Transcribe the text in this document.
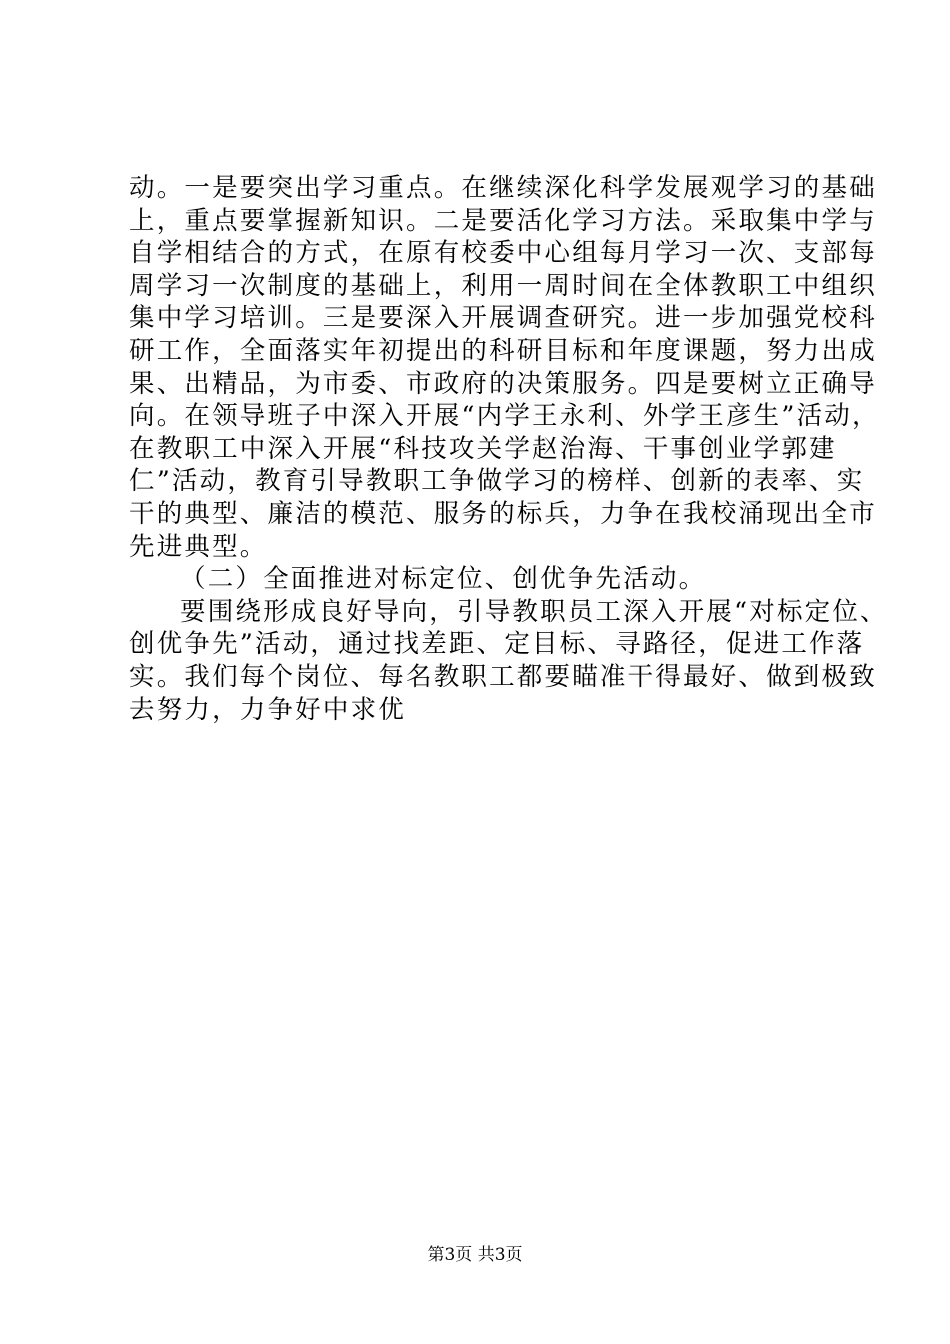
动。一是要突出学习重点。在继续深化科学发展观学习的基础
上，重点要掌握新知识。二是要活化学习方法。采取集中学与
自学相结合的方式，在原有校委中心组每月学习一次、支部每
周学习一次制度的基础上，利用一周时间在全体教职工中组织
集中学习培训。三是要深入开展调查研究。进一步加强党校科
研工作，全面落实年初提出的科研目标和年度课题，努力出成
果、出精品，为市委、市政府的决策服务。四是要树立正确导
向。在领导班子中深入开展“内学王永利、外学王彦生”活动，
在教职工中深入开展“科技攻关学赵治海、干事创业学郭建
仁”活动，教育引导教职工争做学习的榜样、创新的表率、实
干的典型、廉洁的模范、服务的标兵，力争在我校涌现出全市
先进典型。
（二）全面推进对标定位、创优争先活动。
要围绕形成良好导向，引导教职员工深入开展“对标定位、
创优争先”活动，通过找差距、定目标、寻路径，促进工作落
实。我们每个岗位、每名教职工都要瞄准干得最好、做到极致
去努力，力争好中求优
第3页 共3页
